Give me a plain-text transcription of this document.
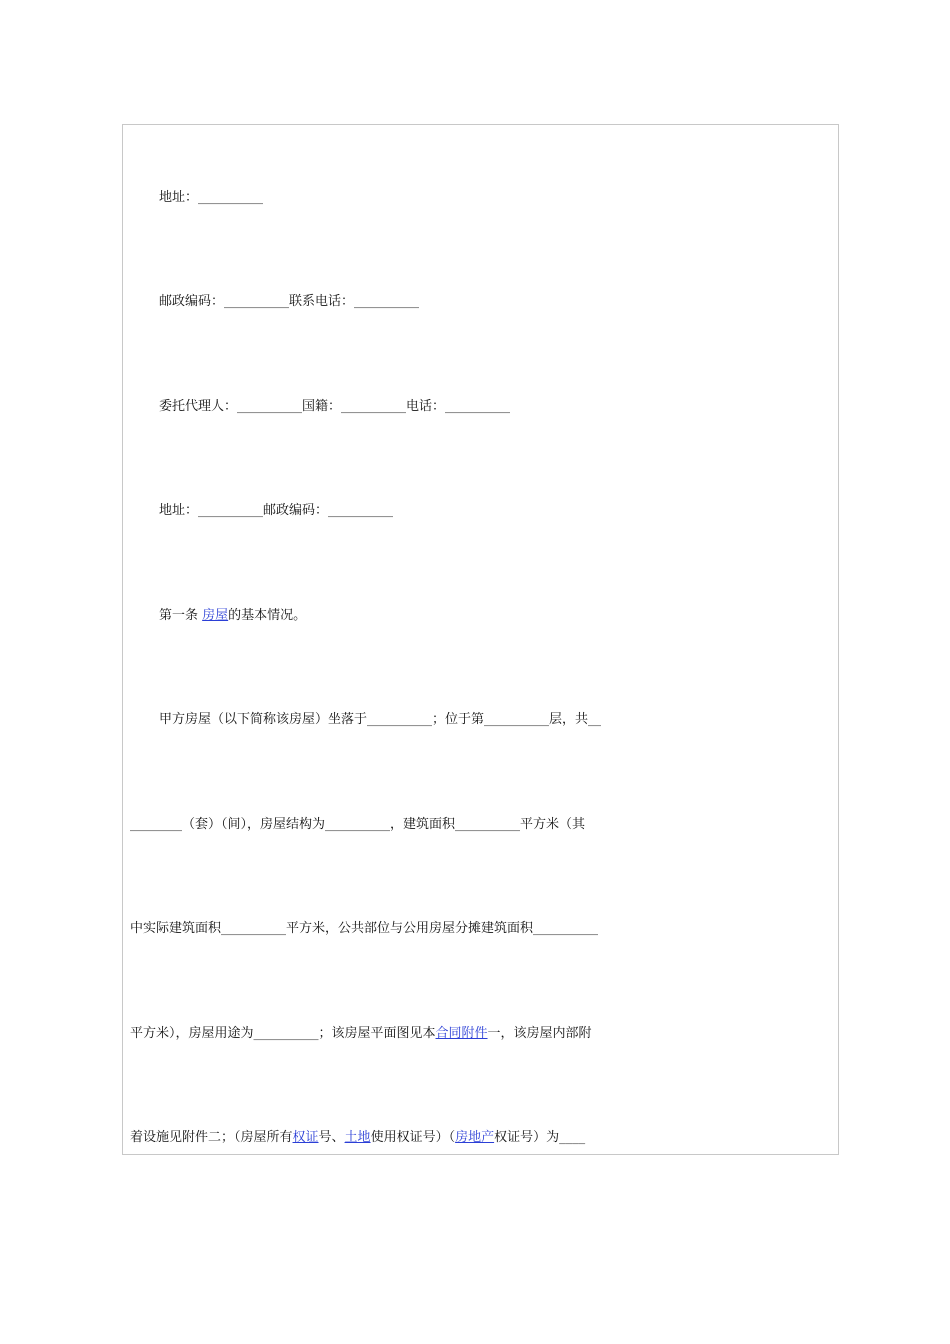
地址：__________
邮政编码：__________联系电话：__________
委托代理人：__________国籍：__________电话：__________
地址：__________邮政编码：__________
第一条 房屋的基本情况。
甲方房屋（以下简称该房屋）坐落于__________；位于第__________层，共__
________（套）（间），房屋结构为__________，建筑面积__________平方米（其
中实际建筑面积__________平方米，公共部位与公用房屋分摊建筑面积__________
平方米），房屋用途为__________；该房屋平面图见本合同附件一，该房屋内部附
着设施见附件二；（房屋所有权证号、土地使用权证号）（房地产权证号）为____
